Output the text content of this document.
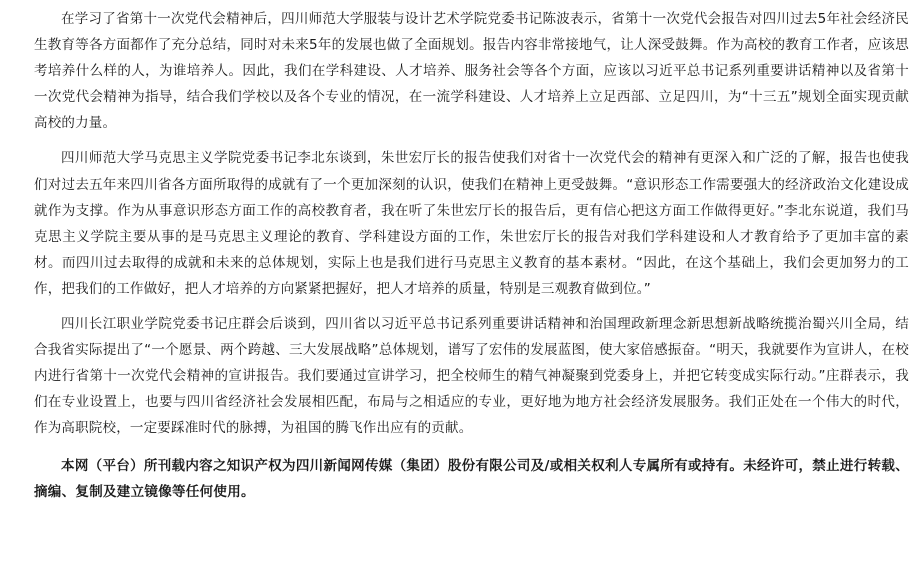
在学习了省第十一次党代会精神后，四川师范大学服装与设计艺术学院党委书记陈波表示，省第十一次党代会报告对四川过去5年社会经济民生教育等各方面都作了充分总结，同时对未来5年的发展也做了全面规划。报告内容非常接地气，让人深受鼓舞。作为高校的教育工作者，应该思考培养什么样的人，为谁培养人。因此，我们在学科建设、人才培养、服务社会等各个方面，应该以习近平总书记系列重要讲话精神以及省第十一次党代会精神为指导，结合我们学校以及各个专业的情况，在一流学科建设、人才培养上立足西部、立足四川，为“十三五”规划全面实现贡献高校的力量。

四川师范大学马克思主义学院党委书记李北东谈到，朱世宏厅长的报告使我们对省十一次党代会的精神有更深入和广泛的了解，报告也使我们对过去五年来四川省各方面所取得的成就有了一个更加深刻的认识，使我们在精神上更受鼓舞。“意识形态工作需要强大的经济政治文化建设成就作为支撑。作为从事意识形态方面工作的高校教育者，我在听了朱世宏厅长的报告后，更有信心把这方面工作做得更好。”李北东说道，我们马克思主义学院主要从事的是马克思主义理论的教育、学科建设方面的工作，朱世宏厅长的报告对我们学科建设和人才教育给予了更加丰富的素材。而四川过去取得的成就和未来的总体规划，实际上也是我们进行马克思主义教育的基本素材。“因此，在这个基础上，我们会更加努力的工作，把我们的工作做好，把人才培养的方向紧紧把握好，把人才培养的质量，特别是三观教育做到位。”

四川长江职业学院党委书记庄群会后谈到，四川省以习近平总书记系列重要讲话精神和治国理政新理念新思想新战略统揽治蜀兴川全局，结合我省实际提出了“一个愿景、两个跨越、三大发展战略”总体规划，谱写了宏伟的发展蓝图，使大家倍感振奋。“明天，我就要作为宣讲人，在校内进行省第十一次党代会精神的宣讲报告。我们要通过宣讲学习，把全校师生的精气神凝聚到党委身上，并把它转变成实际行动。”庄群表示，我们在专业设置上，也要与四川省经济社会发展相匹配，布局与之相适应的专业，更好地为地方社会经济发展服务。我们正处在一个伟大的时代，作为高职院校，一定要踩准时代的脉搏，为祖国的腾飞作出应有的贡献。

本网（平台）所刊载内容之知识产权为四川新闻网传媒（集团）股份有限公司及/或相关权利人专属所有或持有。未经许可，禁止进行转载、摘编、复制及建立镜像等任何使用。
